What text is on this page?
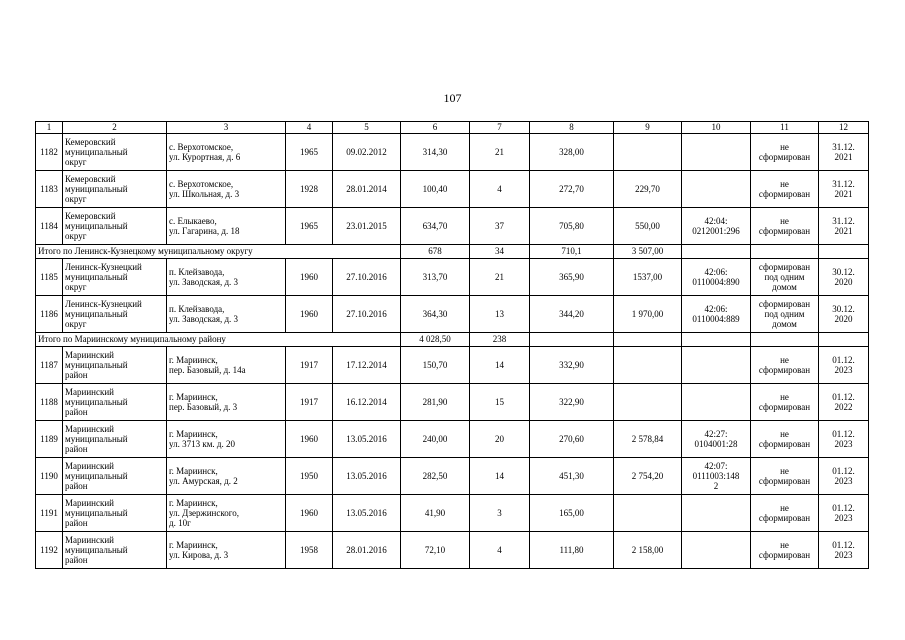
107
1	2	3	4	5	6	7	8	9	10	11	12
1182	Кемеровский
муниципальный
округ	с. Верхотомское,
ул. Курортная, д. 6	1965	09.02.2012	314,30	21	328,00			не
сформирован	31.12.
2021
1183	Кемеровский
муниципальный
округ	с. Верхотомское,
ул. Школьная, д. 3	1928	28.01.2014	100,40	4	272,70	229,70		не
сформирован	31.12.
2021
1184	Кемеровский
муниципальный
округ	с. Елыкаево,
ул. Гагарина, д. 18	1965	23.01.2015	634,70	37	705,80	550,00	42:04:
0212001:296	не
сформирован	31.12.
2021
Итого по Ленинск-Кузнецкому муниципальному округу					678	34	710,1	3 507,00			
1185	Ленинск-Кузнецкий
муниципальный
округ	п. Клейзавода,
ул. Заводская, д. 3	1960	27.10.2016	313,70	21	365,90	1537,00	42:06:
0110004:890	сформирован
под одним
домом	30.12.
2020
1186	Ленинск-Кузнецкий
муниципальный
округ	п. Клейзавода,
ул. Заводская, д. 3	1960	27.10.2016	364,30	13	344,20	1 970,00	42:06:
0110004:889	сформирован
под одним
домом	30.12.
2020
Итого по Мариинскому муниципальному району					4 028,50	238					
1187	Мариинский
муниципальный
район	г. Мариинск,
пер. Базовый, д. 14а	1917	17.12.2014	150,70	14	332,90			не
сформирован	01.12.
2023
1188	Мариинский
муниципальный
район	г. Мариинск,
пер. Базовый, д. 3	1917	16.12.2014	281,90	15	322,90			не
сформирован	01.12.
2022
1189	Мариинский
муниципальный
район	г. Мариинск,
ул. 3713 км. д. 20	1960	13.05.2016	240,00	20	270,60	2 578,84	42:27:
0104001:28	не
сформирован	01.12.
2023
1190	Мариинский
муниципальный
район	г. Мариинск,
ул. Амурская, д. 2	1950	13.05.2016	282,50	14	451,30	2 754,20	42:07:
0111003:148
2	не
сформирован	01.12.
2023
1191	Мариинский
муниципальный
район	г. Мариинск,
ул. Дзержинского,
д. 10г	1960	13.05.2016	41,90	3	165,00			не
сформирован	01.12.
2023
1192	Мариинский
муниципальный
район	г. Мариинск,
ул. Кирова, д. 3	1958	28.01.2016	72,10	4	111,80	2 158,00		не
сформирован	01.12.
2023
